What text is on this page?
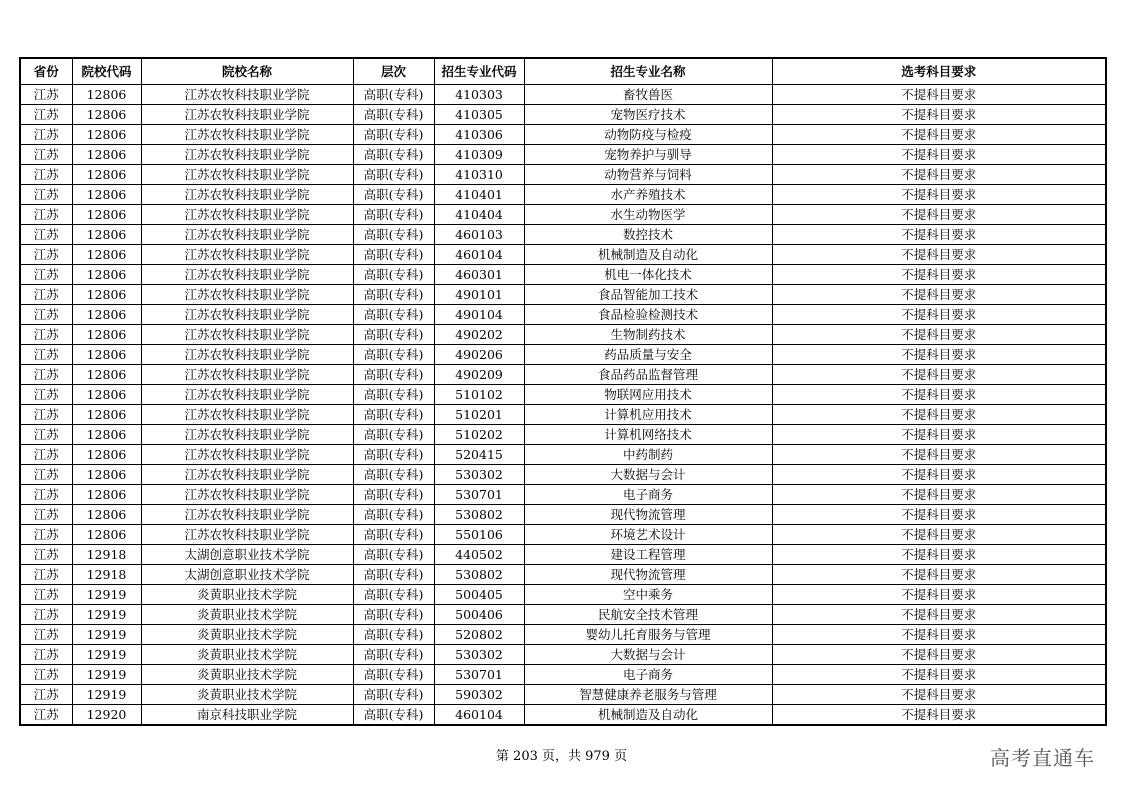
省份	院校代码	院校名称	层次	招生专业代码	招生专业名称	选考科目要求
江苏	12806	江苏农牧科技职业学院	高职(专科)	410303	畜牧兽医	不提科目要求
江苏	12806	江苏农牧科技职业学院	高职(专科)	410305	宠物医疗技术	不提科目要求
江苏	12806	江苏农牧科技职业学院	高职(专科)	410306	动物防疫与检疫	不提科目要求
江苏	12806	江苏农牧科技职业学院	高职(专科)	410309	宠物养护与驯导	不提科目要求
江苏	12806	江苏农牧科技职业学院	高职(专科)	410310	动物营养与饲料	不提科目要求
江苏	12806	江苏农牧科技职业学院	高职(专科)	410401	水产养殖技术	不提科目要求
江苏	12806	江苏农牧科技职业学院	高职(专科)	410404	水生动物医学	不提科目要求
江苏	12806	江苏农牧科技职业学院	高职(专科)	460103	数控技术	不提科目要求
江苏	12806	江苏农牧科技职业学院	高职(专科)	460104	机械制造及自动化	不提科目要求
江苏	12806	江苏农牧科技职业学院	高职(专科)	460301	机电一体化技术	不提科目要求
江苏	12806	江苏农牧科技职业学院	高职(专科)	490101	食品智能加工技术	不提科目要求
江苏	12806	江苏农牧科技职业学院	高职(专科)	490104	食品检验检测技术	不提科目要求
江苏	12806	江苏农牧科技职业学院	高职(专科)	490202	生物制药技术	不提科目要求
江苏	12806	江苏农牧科技职业学院	高职(专科)	490206	药品质量与安全	不提科目要求
江苏	12806	江苏农牧科技职业学院	高职(专科)	490209	食品药品监督管理	不提科目要求
江苏	12806	江苏农牧科技职业学院	高职(专科)	510102	物联网应用技术	不提科目要求
江苏	12806	江苏农牧科技职业学院	高职(专科)	510201	计算机应用技术	不提科目要求
江苏	12806	江苏农牧科技职业学院	高职(专科)	510202	计算机网络技术	不提科目要求
江苏	12806	江苏农牧科技职业学院	高职(专科)	520415	中药制药	不提科目要求
江苏	12806	江苏农牧科技职业学院	高职(专科)	530302	大数据与会计	不提科目要求
江苏	12806	江苏农牧科技职业学院	高职(专科)	530701	电子商务	不提科目要求
江苏	12806	江苏农牧科技职业学院	高职(专科)	530802	现代物流管理	不提科目要求
江苏	12806	江苏农牧科技职业学院	高职(专科)	550106	环境艺术设计	不提科目要求
江苏	12918	太湖创意职业技术学院	高职(专科)	440502	建设工程管理	不提科目要求
江苏	12918	太湖创意职业技术学院	高职(专科)	530802	现代物流管理	不提科目要求
江苏	12919	炎黄职业技术学院	高职(专科)	500405	空中乘务	不提科目要求
江苏	12919	炎黄职业技术学院	高职(专科)	500406	民航安全技术管理	不提科目要求
江苏	12919	炎黄职业技术学院	高职(专科)	520802	婴幼儿托育服务与管理	不提科目要求
江苏	12919	炎黄职业技术学院	高职(专科)	530302	大数据与会计	不提科目要求
江苏	12919	炎黄职业技术学院	高职(专科)	530701	电子商务	不提科目要求
江苏	12919	炎黄职业技术学院	高职(专科)	590302	智慧健康养老服务与管理	不提科目要求
江苏	12920	南京科技职业学院	高职(专科)	460104	机械制造及自动化	不提科目要求
第 203 页，共 979 页	高考直通车
